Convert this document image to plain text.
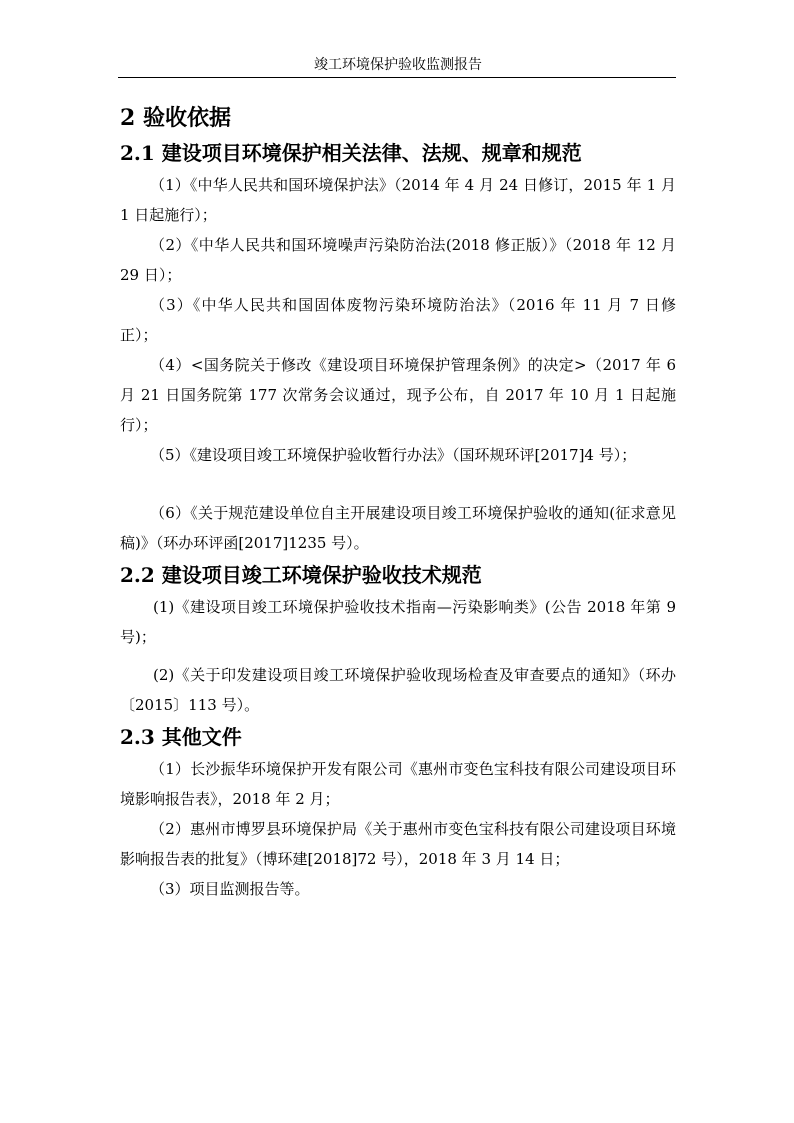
竣工环境保护验收监测报告
2 验收依据
2.1 建设项目环境保护相关法律、法规、规章和规范

（1）《中华人民共和国环境保护法》（2014 年 4 月 24 日修订，2015 年 1 月 1 日起施行）；

（2）《中华人民共和国环境噪声污染防治法(2018 修正版）》（2018 年 12 月 29 日）；

（3）《中华人民共和国固体废物污染环境防治法》（2016 年 11 月 7 日修正）；

（4）<国务院关于修改《建设项目环境保护管理条例》的决定>（2017 年 6 月 21 日国务院第 177 次常务会议通过，现予公布，自 2017 年 10 月 1 日起施行）；

（5）《建设项目竣工环境保护验收暂行办法》（国环规环评[2017]4 号）；

（6）《关于规范建设单位自主开展建设项目竣工环境保护验收的通知(征求意见稿)》（环办环评函[2017]1235 号）。

2.2 建设项目竣工环境保护验收技术规范

(1)《建设项目竣工环境保护验收技术指南—污染影响类》(公告 2018 年第 9 号)；

(2)《关于印发建设项目竣工环境保护验收现场检查及审查要点的通知》（环办〔2015〕113 号）。

2.3 其他文件

（1）长沙振华环境保护开发有限公司《惠州市变色宝科技有限公司建设项目环境影响报告表》，2018 年 2 月；

（2）惠州市博罗县环境保护局《关于惠州市变色宝科技有限公司建设项目环境影响报告表的批复》（博环建[2018]72 号），2018 年 3 月 14 日；

（3）项目监测报告等。
